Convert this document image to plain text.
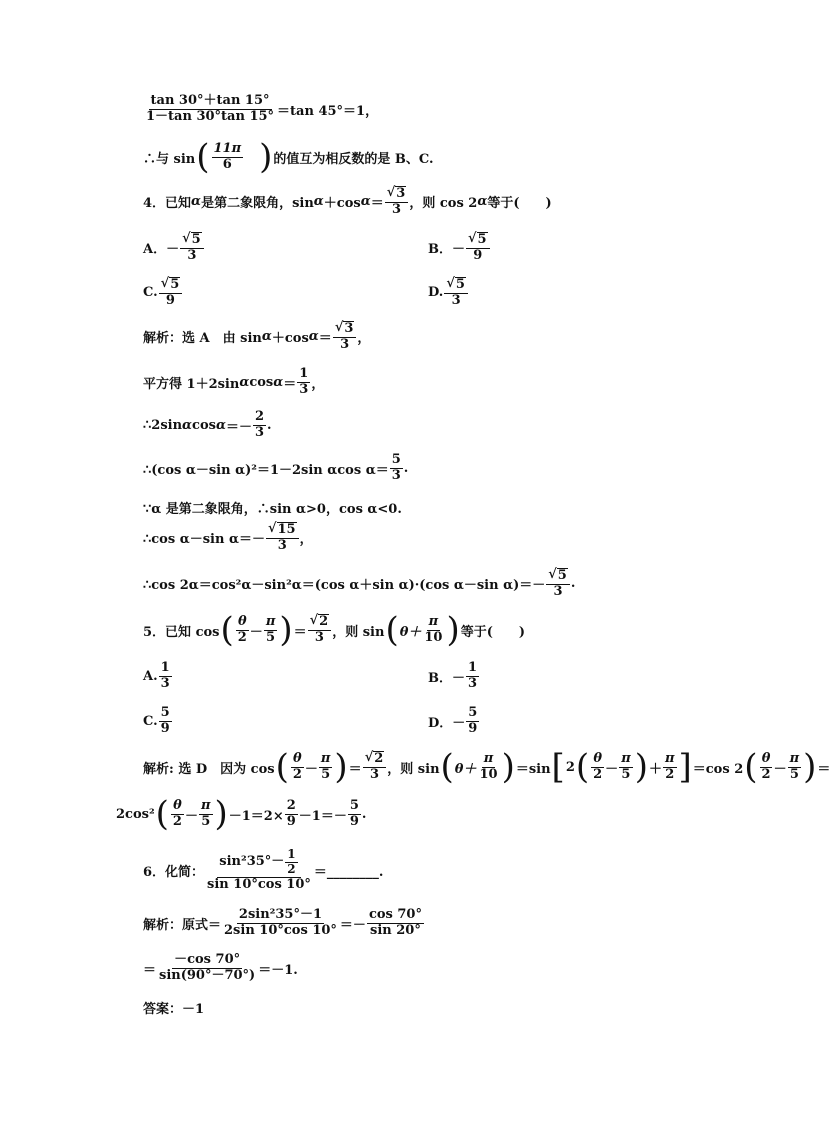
$\frac{\tan 30^\circ+\tan 15^\circ}{1-\tan 30^\circ\tan 15^\circ} =\tan$ 45°＝1，
∴与 sin ( $\frac{11\pi}{6}$ ) 的值互为相反数的是 B、C.
4．已知 α 是第二象限角，sin α ＋cos $\alpha = \frac{√ 3}{3}$ ，则 cos 2 α 等于(　　)
A．－ $\frac{√ 5}{3}$	B．－ $\frac{√ 5}{9}$
C. $\frac{√ 5}{9}$	D. $\frac{√ 5}{3}$
解析：选 A　由 sin α ＋cos $\alpha = \frac{√ 3}{3}$ ，
平方得 1＋2sin α $\cos \alpha = \frac{1}{3}$ ，
∴2sin α $\cos \alpha =- \frac{2}{3}$ .
∴(cos α－sin α)²＝1－2sin αcos $\alpha= \frac{5}{3}$ .
∵α 是第二象限角，∴sin α>0，cos α<0.
∴cos α－sin $\alpha=- \frac{√ 15}{3}$ ，
∴cos 2α＝cos²α－sin²α＝(cos α＋sin α)·(cos α－sin $\alpha)=- \frac{√ 5}{3}$ .
5．已知 cos ( $\frac{\theta}{2} - \frac{\pi}{5}$ ) ＝ $\frac{√ 2}{3}$ ，则 sin ( $\theta+ \frac{\pi}{10}$ ) 等于(　　)
A. $\frac{1}{3}$	B．－ $\frac{1}{3}$
C. $\frac{5}{9}$	D．－ $\frac{5}{9}$
解析: 选 D　因为 cos ( $\frac{\theta}{2} - \frac{\pi}{5}$ ) ＝ $\frac{√ 2}{3}$ ，则 sin ( $\theta+ \frac{\pi}{10}$ ) ＝sin [ 2 ( $\frac{\theta}{2} - \frac{\pi}{5}$ ) ＋ $\frac{\pi}{2}$ ] ＝cos 2 ( $\frac{\theta}{2} - \frac{\pi}{5}$ ) ＝
2cos² ( $\frac{\theta}{2} - \frac{\pi}{5}$ ) $-1=2\times \frac{2}{9} -1=- \frac{5}{9}$ .
6．化简： $\frac{\sin^235^\circ- \frac{1}{2}}{\sin 10^\circ\cos 10^\circ}$ ＝________.
解析：原式＝ $\frac{\text{2sin²35°－1}}{2\sin 10^\circ\cos 10^\circ} =- \frac{\cos 70^\circ}{\sin 20^\circ}$
＝ $\frac{-\cos 70^\circ}{\sin(90^\circ-70^\circ)} =-1$.
答案：－1
